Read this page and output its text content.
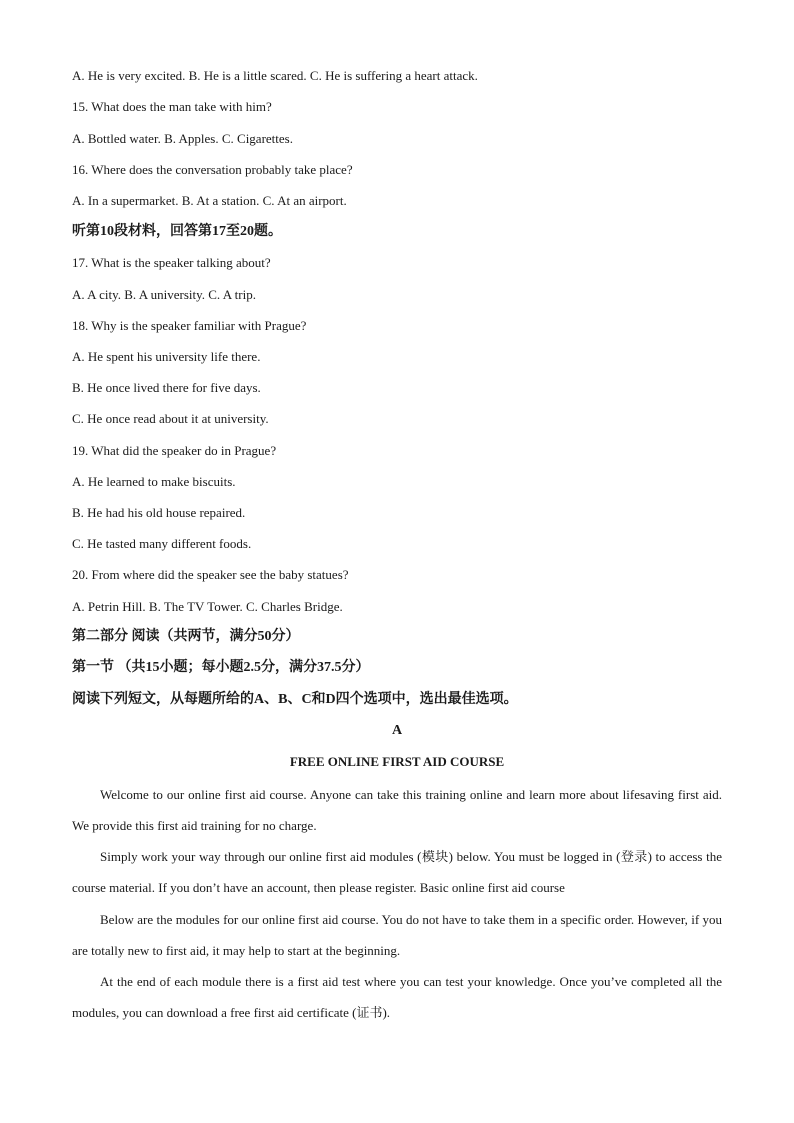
A. He is very excited. B. He is a little scared. C. He is suffering a heart attack.
15. What does the man take with him?
A. Bottled water. B. Apples. C. Cigarettes.
16. Where does the conversation probably take place?
A. In a supermarket. B. At a station. C. At an airport.
听第10段材料，回答第17至20题。
17. What is the speaker talking about?
A. A city. B. A university. C. A trip.
18. Why is the speaker familiar with Prague?
A. He spent his university life there.
B. He once lived there for five days.
C. He once read about it at university.
19. What did the speaker do in Prague?
A. He learned to make biscuits.
B. He had his old house repaired.
C. He tasted many different foods.
20. From where did the speaker see the baby statues?
A. Petrin Hill. B. The TV Tower. C. Charles Bridge.
第二部分 阅读（共两节，满分50分）
第一节 （共15小题；每小题2.5分，满分37.5分）
阅读下列短文，从每题所给的A、B、C和D四个选项中，选出最佳选项。
A
FREE ONLINE FIRST AID COURSE

Welcome to our online first aid course. Anyone can take this training online and learn more about lifesaving first aid. We provide this first aid training for no charge.

Simply work your way through our online first aid modules (模块) below. You must be logged in (登录) to access the course material. If you don’t have an account, then please register. Basic online first aid course

Below are the modules for our online first aid course. You do not have to take them in a specific order. However, if you are totally new to first aid, it may help to start at the beginning.

At the end of each module there is a first aid test where you can test your knowledge. Once you’ve completed all the modules, you can download a free first aid certificate (证书).
